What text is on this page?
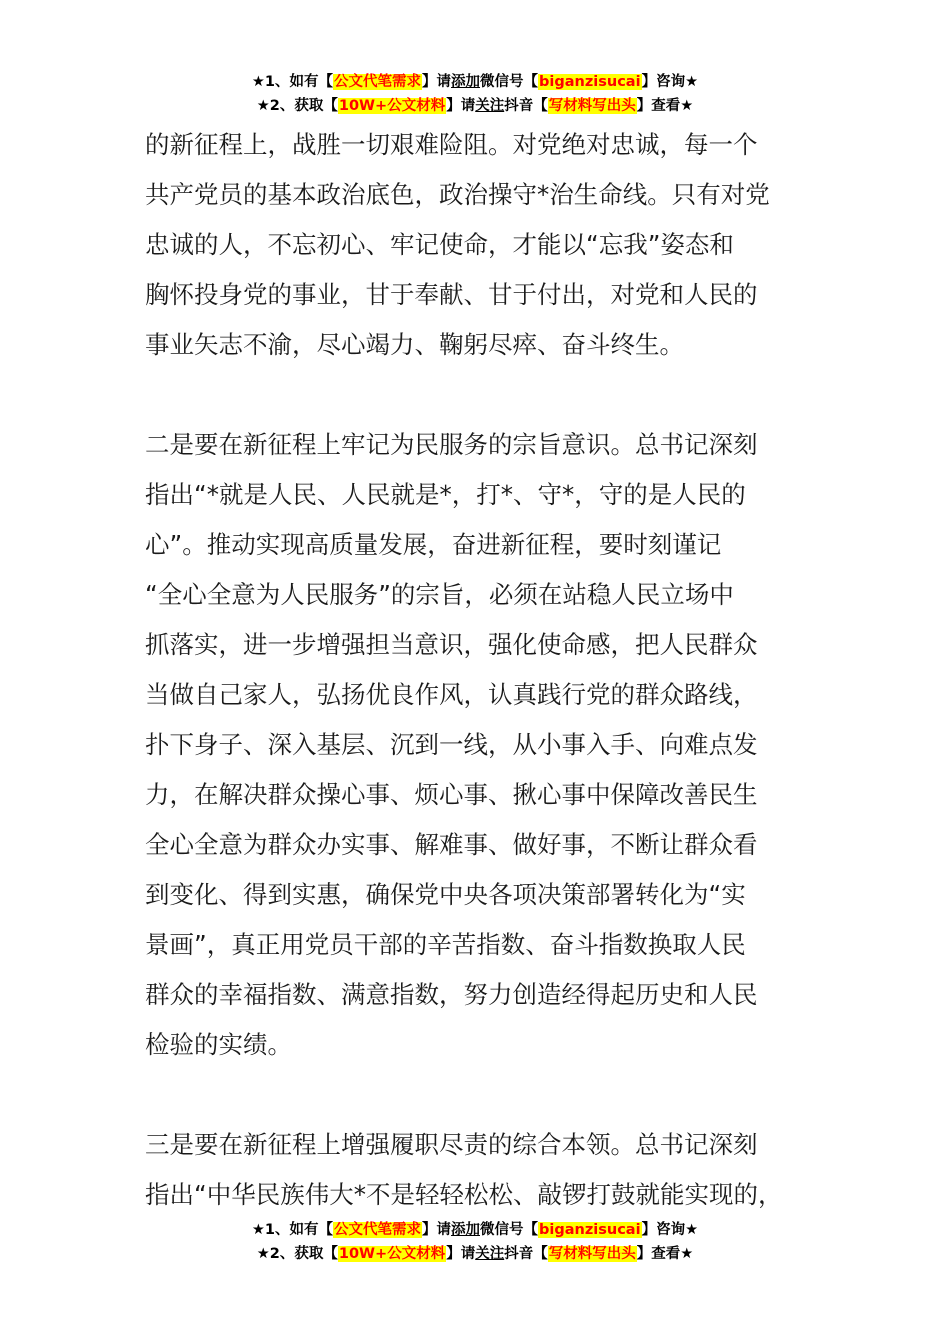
★1、如有【公文代笔需求】请添加微信号【biganzisucai】咨询★
★2、获取【10W+公文材料】请关注抖音【写材料写出头】查看★
的新征程上，战胜一切艰难险阻。对党绝对忠诚，每一个
共产党员的基本政治底色，政治操守*治生命线。只有对党
忠诚的人，不忘初心、牢记使命，才能以“忘我”姿态和
胸怀投身党的事业，甘于奉献、甘于付出，对党和人民的
事业矢志不渝，尽心竭力、鞠躬尽瘁、奋斗终生。
二是要在新征程上牢记为民服务的宗旨意识。总书记深刻
指出“*就是人民、人民就是*，打*、守*，守的是人民的
心”。推动实现高质量发展，奋进新征程，要时刻谨记
“全心全意为人民服务”的宗旨，必须在站稳人民立场中
抓落实，进一步增强担当意识，强化使命感，把人民群众
当做自己家人，弘扬优良作风，认真践行党的群众路线，
扑下身子、深入基层、沉到一线，从小事入手、向难点发
力，在解决群众操心事、烦心事、揪心事中保障改善民生
全心全意为群众办实事、解难事、做好事，不断让群众看
到变化、得到实惠，确保党中央各项决策部署转化为“实
景画”，真正用党员干部的辛苦指数、奋斗指数换取人民
群众的幸福指数、满意指数，努力创造经得起历史和人民
检验的实绩。
三是要在新征程上增强履职尽责的综合本领。总书记深刻
指出“中华民族伟大*不是轻轻松松、敲锣打鼓就能实现的，
★1、如有【公文代笔需求】请添加微信号【biganzisucai】咨询★
★2、获取【10W+公文材料】请关注抖音【写材料写出头】查看★
